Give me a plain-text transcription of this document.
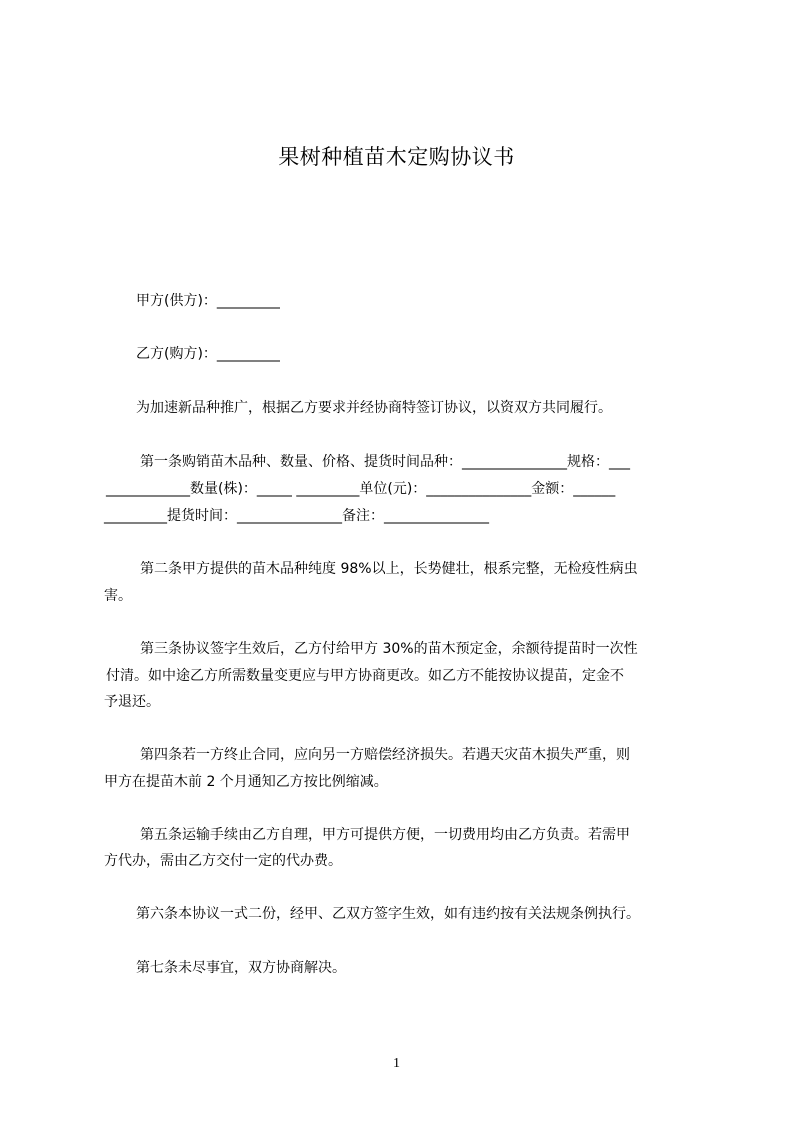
果树种植苗木定购协议书
甲方(供方)：_________
乙方(购方)：_________
为加速新品种推广，根据乙方要求并经协商特签订协议，以资双方共同履行。
第一条购销苗木品种、数量、价格、提货时间品种：_______________规格：___
____________数量(株)：_____ _________单位(元)：_______________金额：______
_________提货时间：_______________备注：_______________
第二条甲方提供的苗木品种纯度 98%以上，长势健壮，根系完整，无检疫性病虫
害。
第三条协议签字生效后，乙方付给甲方 30%的苗木预定金，余额待提苗时一次性
付清。如中途乙方所需数量变更应与甲方协商更改。如乙方不能按协议提苗，定金不
予退还。
第四条若一方终止合同，应向另一方赔偿经济损失。若遇天灾苗木损失严重，则
甲方在提苗木前 2 个月通知乙方按比例缩减。
第五条运输手续由乙方自理，甲方可提供方便，一切费用均由乙方负责。若需甲
方代办，需由乙方交付一定的代办费。
第六条本协议一式二份，经甲、乙双方签字生效，如有违约按有关法规条例执行。
第七条未尽事宜，双方协商解决。
1
